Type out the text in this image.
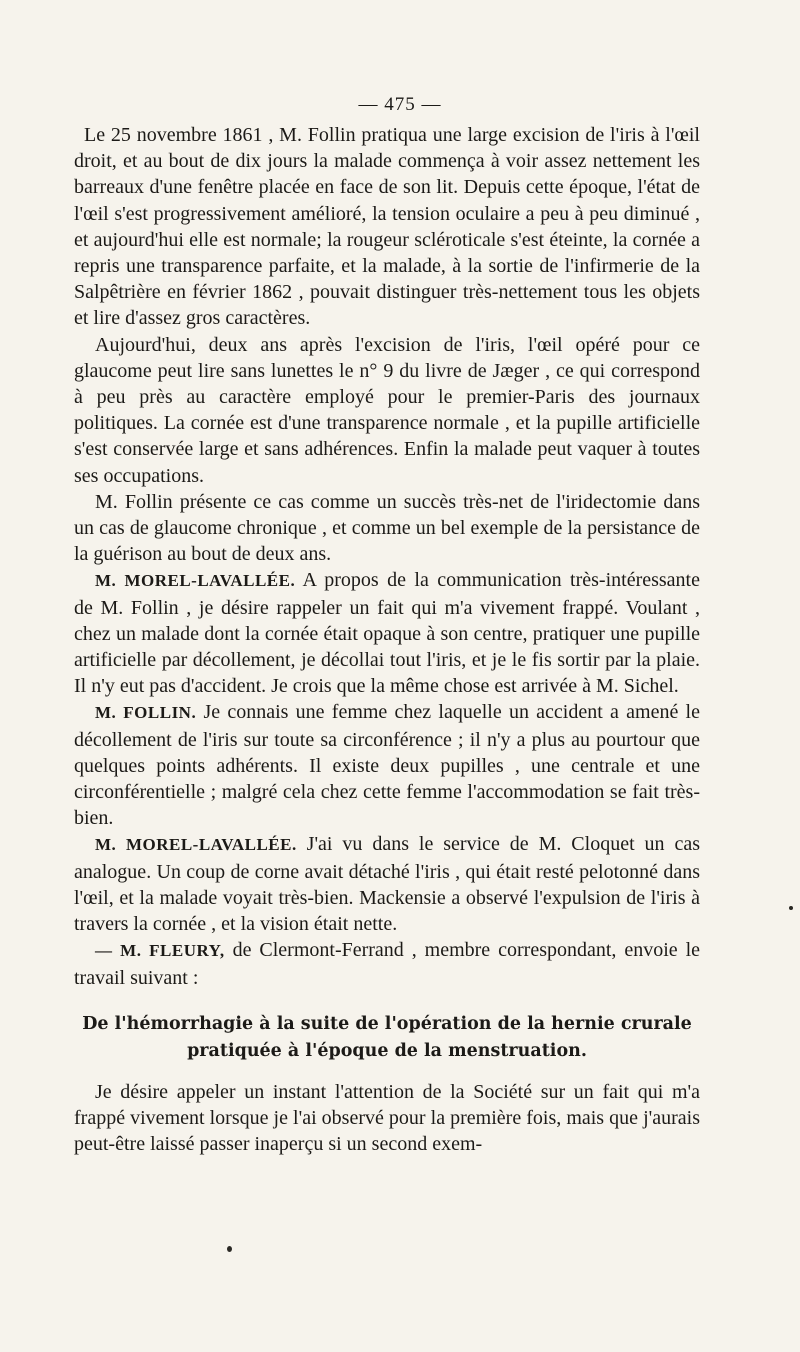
— 475 —

Le 25 novembre 1861 , M. Follin pratiqua une large excision de l'iris à l'œil droit, et au bout de dix jours la malade commença à voir assez nettement les barreaux d'une fenêtre placée en face de son lit. Depuis cette époque, l'état de l'œil s'est progressivement amélioré, la tension oculaire a peu à peu diminué , et aujourd'hui elle est normale; la rougeur scléroticale s'est éteinte, la cornée a repris une transparence parfaite, et la malade, à la sortie de l'infirmerie de la Salpêtrière en février 1862 , pouvait distinguer très-nettement tous les objets et lire d'assez gros caractères.

Aujourd'hui, deux ans après l'excision de l'iris, l'œil opéré pour ce glaucome peut lire sans lunettes le n° 9 du livre de Jæger , ce qui correspond à peu près au caractère employé pour le premier-Paris des journaux politiques. La cornée est d'une transparence normale , et la pupille artificielle s'est conservée large et sans adhérences. Enfin la malade peut vaquer à toutes ses occupations.

M. Follin présente ce cas comme un succès très-net de l'iridectomie dans un cas de glaucome chronique , et comme un bel exemple de la persistance de la guérison au bout de deux ans.

M. MOREL-LAVALLÉE. A propos de la communication très-intéressante de M. Follin , je désire rappeler un fait qui m'a vivement frappé. Voulant , chez un malade dont la cornée était opaque à son centre, pratiquer une pupille artificielle par décollement, je décollai tout l'iris, et je le fis sortir par la plaie. Il n'y eut pas d'accident. Je crois que la même chose est arrivée à M. Sichel.

M. FOLLIN. Je connais une femme chez laquelle un accident a amené le décollement de l'iris sur toute sa circonférence ; il n'y a plus au pourtour que quelques points adhérents. Il existe deux pupilles , une centrale et une circonférentielle ; malgré cela chez cette femme l'accommodation se fait très-bien.

M. MOREL-LAVALLÉE. J'ai vu dans le service de M. Cloquet un cas analogue. Un coup de corne avait détaché l'iris , qui était resté pelotonné dans l'œil, et la malade voyait très-bien. Mackensie a observé l'expulsion de l'iris à travers la cornée , et la vision était nette.

— M. FLEURY, de Clermont-Ferrand , membre correspondant, envoie le travail suivant :

De l'hémorrhagie à la suite de l'opération de la hernie crurale
pratiquée à l'époque de la menstruation.

Je désire appeler un instant l'attention de la Société sur un fait qui m'a frappé vivement lorsque je l'ai observé pour la première fois, mais que j'aurais peut-être laissé passer inaperçu si un second exem-
